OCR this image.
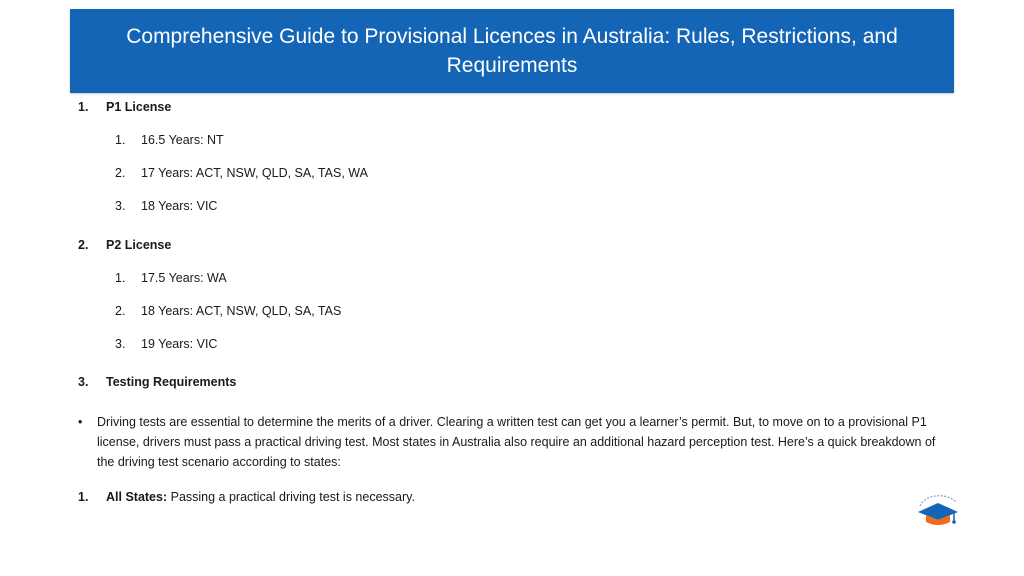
Comprehensive Guide to Provisional Licences in Australia: Rules, Restrictions, and Requirements
1.	P1 License
1.	16.5 Years: NT
2.	17 Years: ACT, NSW, QLD, SA, TAS, WA
3.	18 Years: VIC
2.	P2 License
1.	17.5 Years: WA
2.	18 Years: ACT, NSW, QLD, SA, TAS
3.	19 Years: VIC
3.	Testing Requirements
•	Driving tests are essential to determine the merits of a driver. Clearing a written test can get you a learner’s permit. But, to move on to a provisional P1 license, drivers must pass a practical driving test. Most states in Australia also require an additional hazard perception test. Here’s a quick breakdown of the driving test scenario according to states:
1.	All States: Passing a practical driving test is necessary.
